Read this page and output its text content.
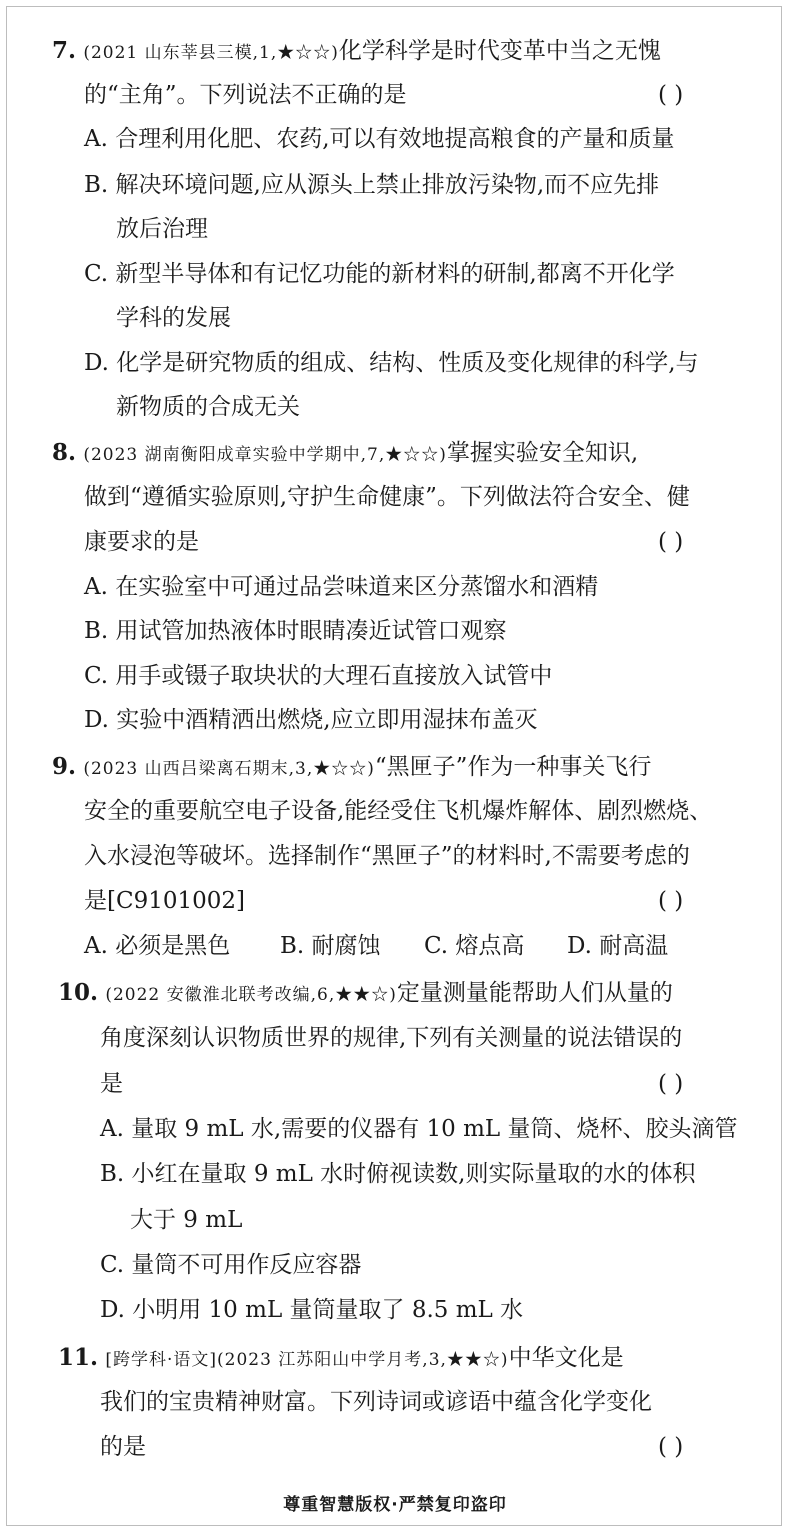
7. (2021 山东莘县三模,1,★☆☆)化学科学是时代变革中当之无愧
的“主角”。下列说法不正确的是	( )
A. 合理利用化肥、农药,可以有效地提高粮食的产量和质量
B. 解决环境问题,应从源头上禁止排放污染物,而不应先排
放后治理
C. 新型半导体和有记忆功能的新材料的研制,都离不开化学
学科的发展
D. 化学是研究物质的组成、结构、性质及变化规律的科学,与
新物质的合成无关
8. (2023 湖南衡阳成章实验中学期中,7,★☆☆)掌握实验安全知识,
做到“遵循实验原则,守护生命健康”。下列做法符合安全、健
康要求的是	( )
A. 在实验室中可通过品尝味道来区分蒸馏水和酒精
B. 用试管加热液体时眼睛凑近试管口观察
C. 用手或镊子取块状的大理石直接放入试管中
D. 实验中酒精洒出燃烧,应立即用湿抹布盖灭
9. (2023 山西吕梁离石期末,3,★☆☆)“黑匣子”作为一种事关飞行
安全的重要航空电子设备,能经受住飞机爆炸解体、剧烈燃烧、
入水浸泡等破坏。选择制作“黑匣子”的材料时,不需要考虑的
是[C9101002]	( )
A. 必须是黑色 B. 耐腐蚀 C. 熔点高 D. 耐高温
10. (2022 安徽淮北联考改编,6,★★☆)定量测量能帮助人们从量的
角度深刻认识物质世界的规律,下列有关测量的说法错误的
是	( )
A. 量取 9 mL 水,需要的仪器有 10 mL 量筒、烧杯、胶头滴管
B. 小红在量取 9 mL 水时俯视读数,则实际量取的水的体积
大于 9 mL
C. 量筒不可用作反应容器
D. 小明用 10 mL 量筒量取了 8.5 mL 水
11. [跨学科·语文](2023 江苏阳山中学月考,3,★★☆)中华文化是
我们的宝贵精神财富。下列诗词或谚语中蕴含化学变化
的是	( )
尊重智慧版权·严禁复印盗印
